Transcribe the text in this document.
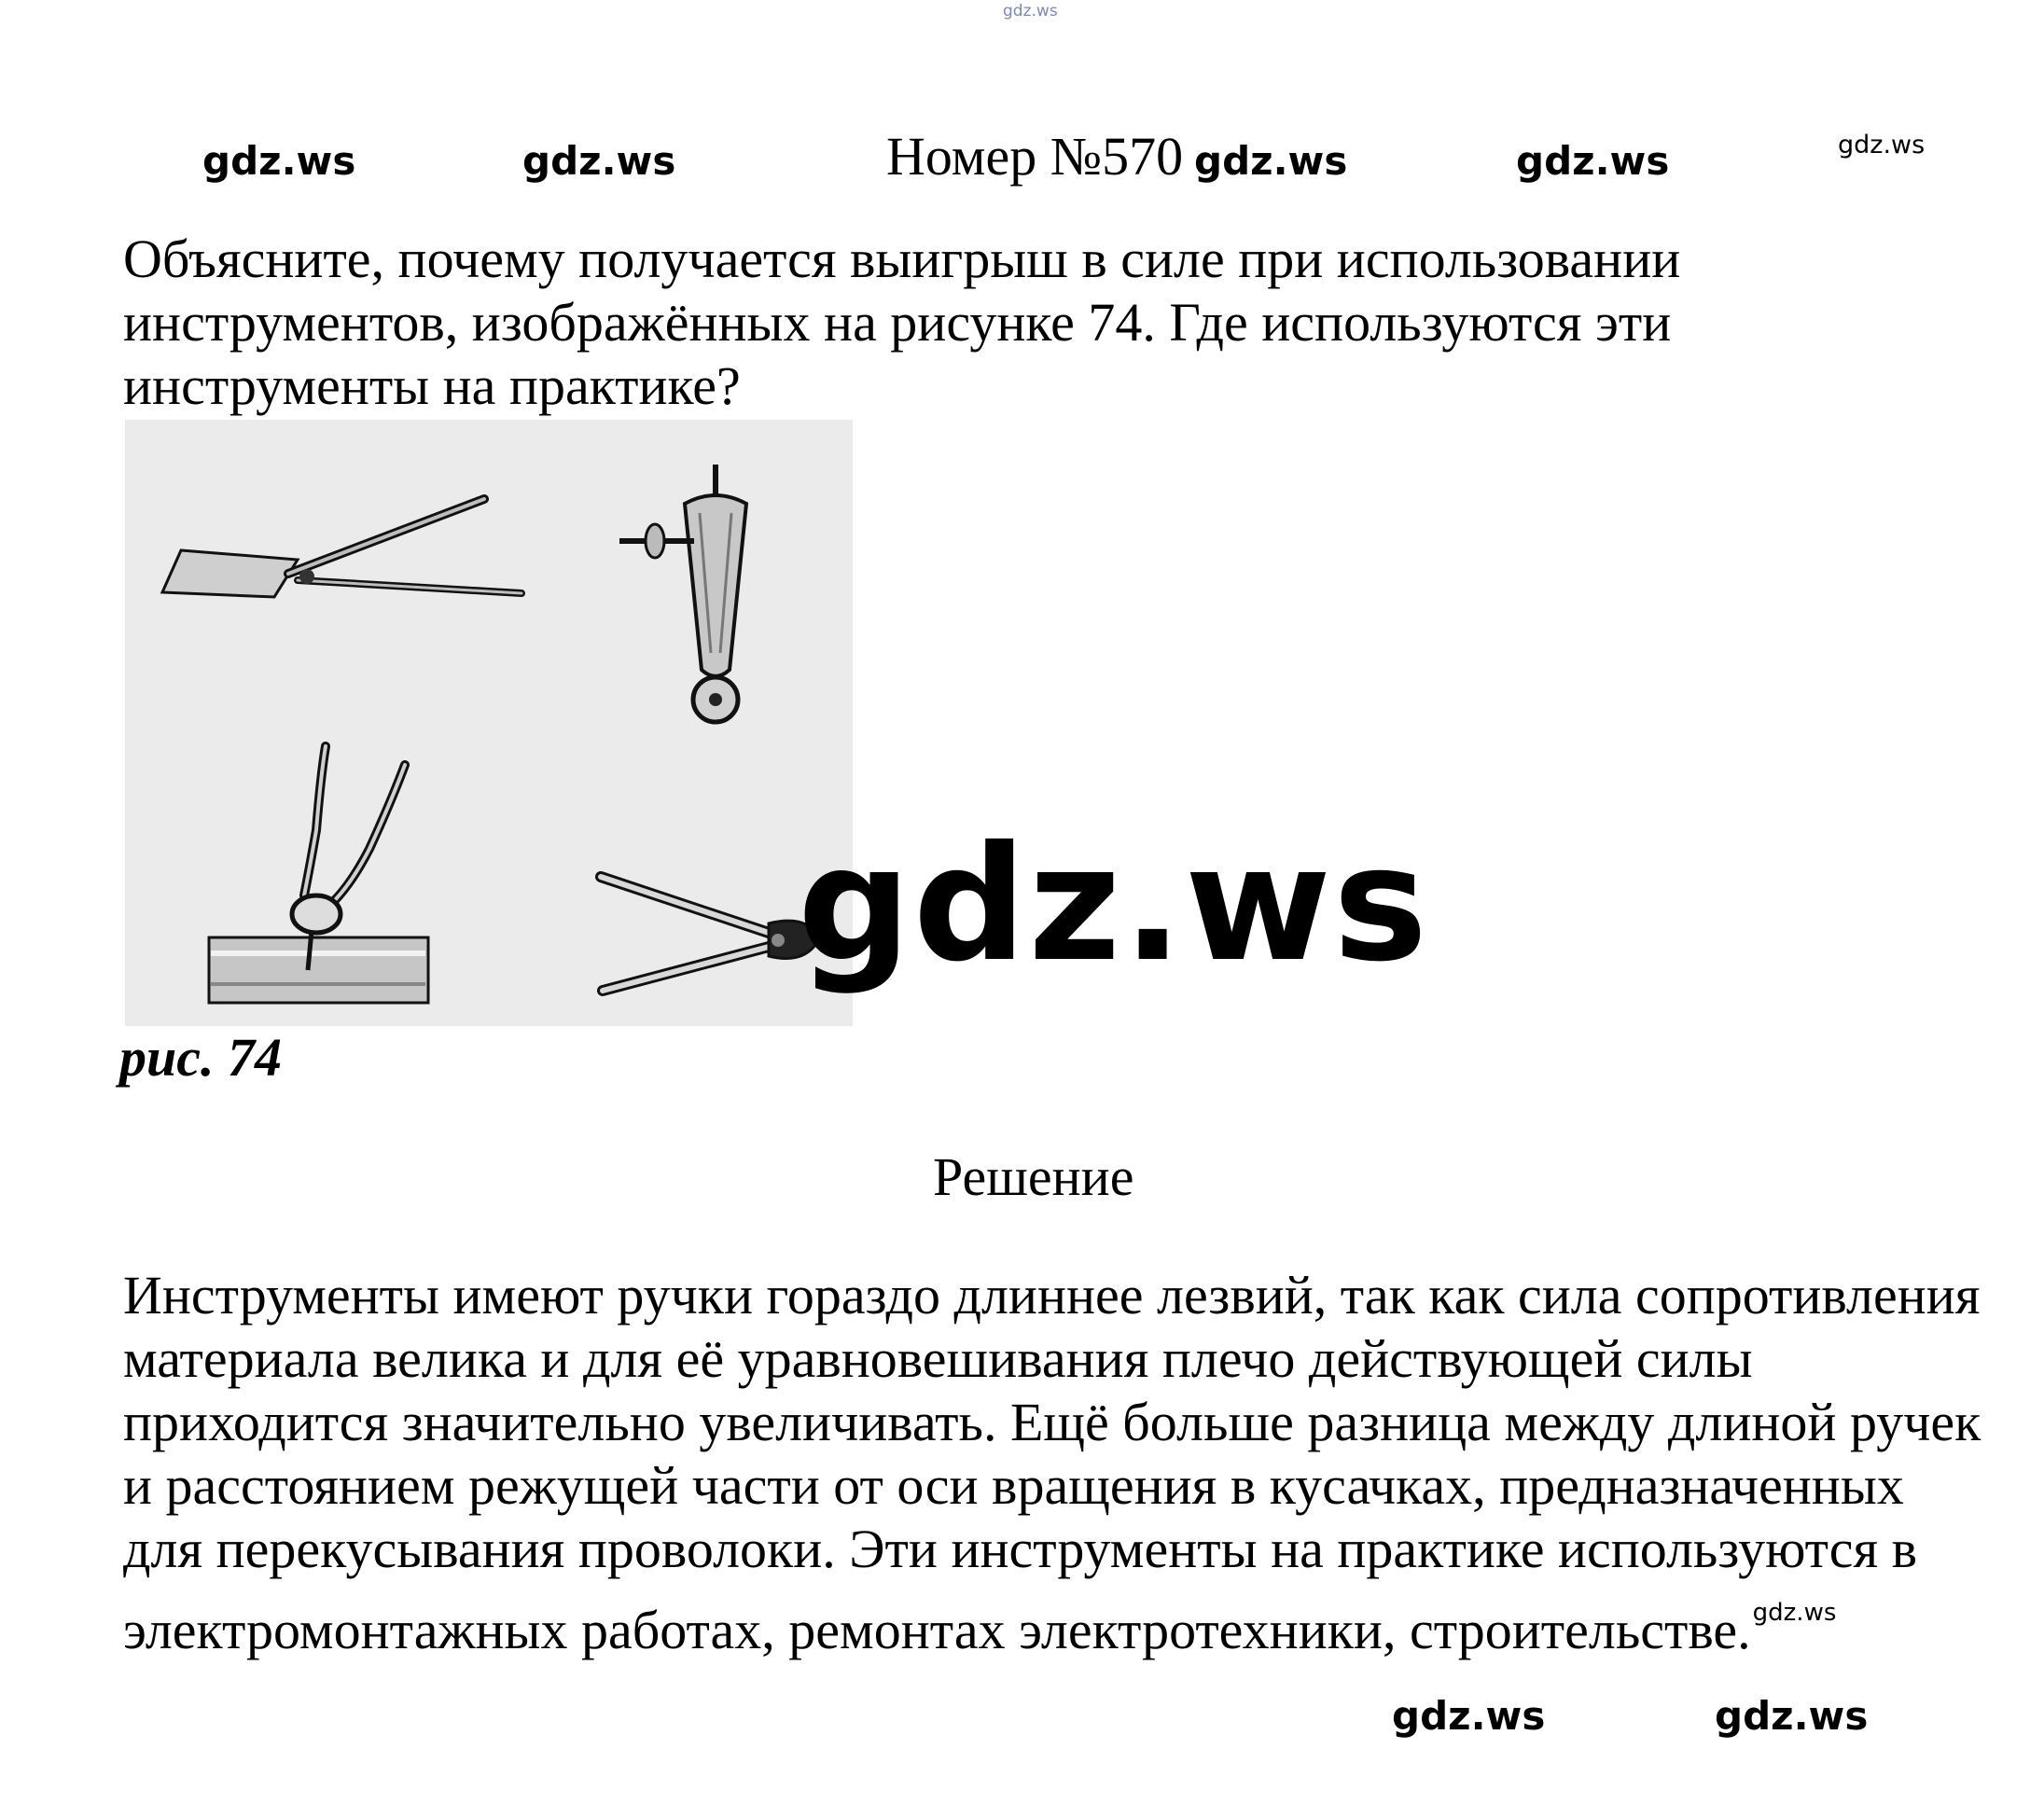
gdz.ws
gdz.ws	gdz.ws	Номер №570 gdz.ws	gdz.ws	gdz.ws

Объясните, почему получается выигрыш в силе при использовании инструментов, изображённых на рисунке 74. Где используются эти инструменты на практике?

gdz.ws
рис. 74
Решение

Инструменты имеют ручки гораздо длиннее лезвий, так как сила сопротивления материала велика и для её уравновешивания плечо действующей силы приходится значительно увеличивать. Ещё больше разница между длиной ручек и расстоянием режущей части от оси вращения в кусачках, предназначенных для перекусывания проволоки. Эти инструменты на практике используются в электромонтажных работах, ремонтах электротехники, строительстве.$^{gdz.ws}$

gdz.ws	gdz.ws
